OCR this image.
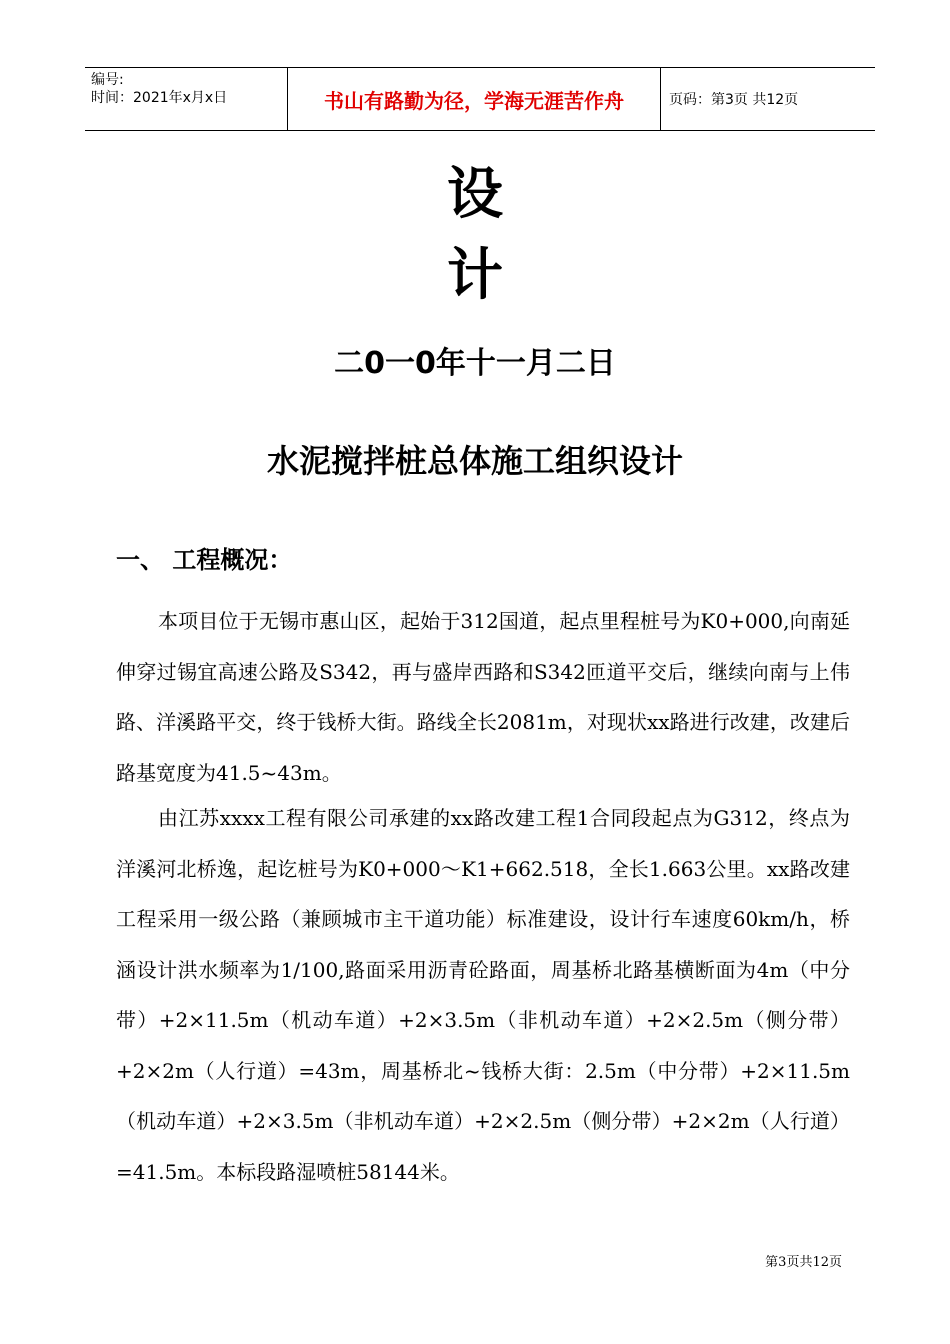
编号:
时间：2021年x月x日	书山有路勤为径，学海无涯苦作舟	页码：第3页 共12页
设
计
二0一0年十一月二日
水泥搅拌桩总体施工组织设计
一、 工程概况：

本项目位于无锡市惠山区，起始于312国道，起点里程桩号为K0+000,向南延伸穿过锡宜高速公路及S342，再与盛岸西路和S342匝道平交后，继续向南与上伟路、洋溪路平交，终于钱桥大街。路线全长2081m，对现状xx路进行改建，改建后路基宽度为41.5~43m。

由江苏xxxx工程有限公司承建的xx路改建工程1合同段起点为G312，终点为洋溪河北桥逸，起讫桩号为K0+000～K1+662.518，全长1.663公里。xx路改建工程采用一级公路（兼顾城市主干道功能）标准建设，设计行车速度60km/h，桥涵设计洪水频率为1/100,路面采用沥青砼路面，周基桥北路基横断面为4m（中分带）+2×11.5m（机动车道）+2×3.5m（非机动车道）+2×2.5m（侧分带）+2×2m（人行道）=43m，周基桥北~钱桥大街：2.5m（中分带）+2×11.5m（机动车道）+2×3.5m（非机动车道）+2×2.5m（侧分带）+2×2m（人行道）=41.5m。本标段路湿喷桩58144米。

第3页共12页
